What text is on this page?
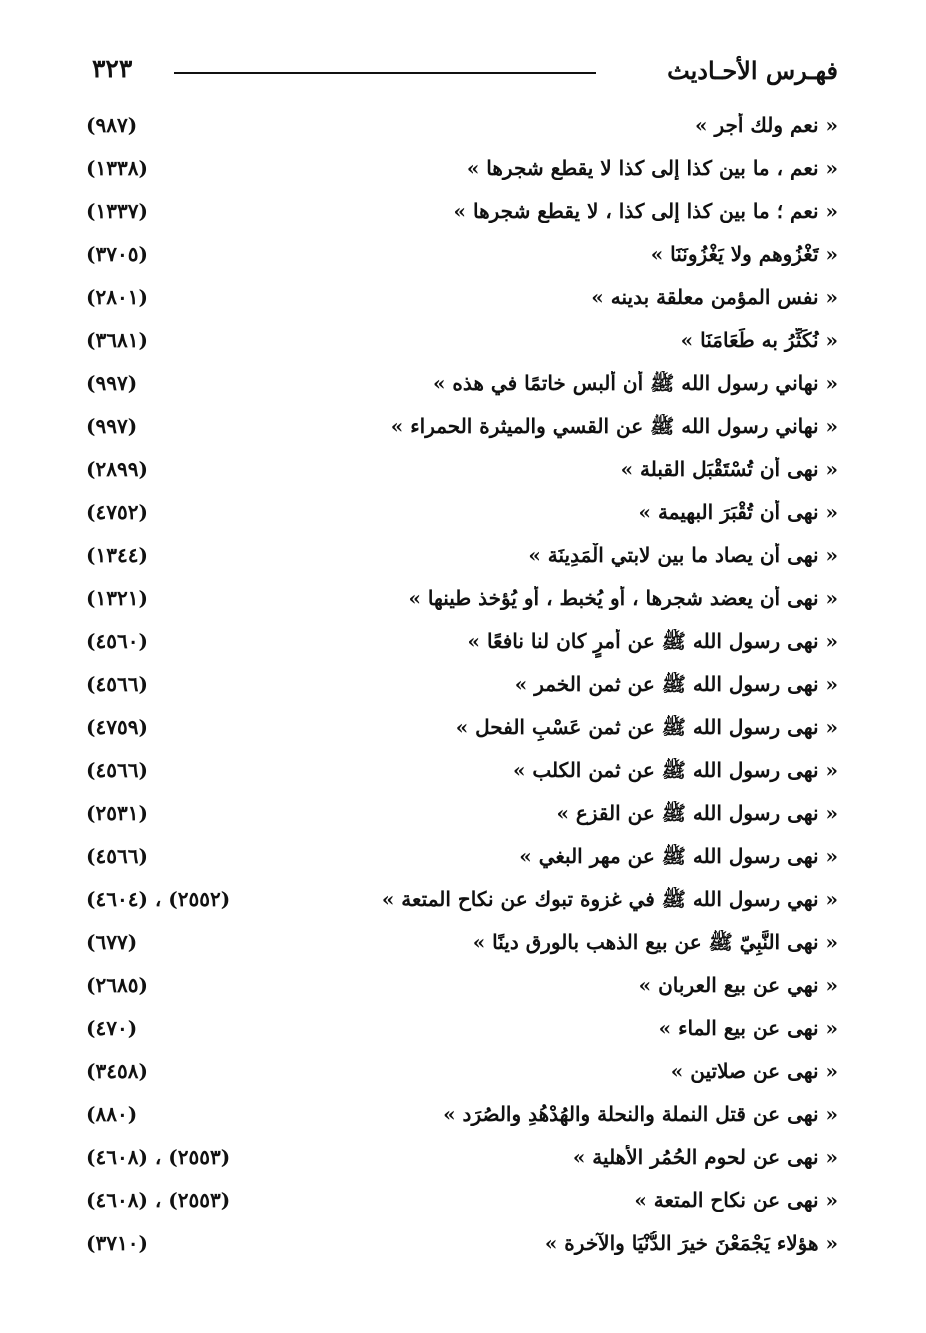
فهـرس الأحـاديث
٣٢٣
« نعم ولك أجر »
(٩٨٧)
« نعم ، ما بين كذا إلى كذا لا يقطع شجرها »
(١٣٣٨)
« نعم ؛ ما بين كذا إلى كذا ، لا يقطع شجرها »
(١٣٣٧)
« تَغْزُوهم ولا يَغْزُونَنَا »
(٣٧٠٥)
« نفس المؤمن معلقة بدينه »
(٢٨٠١)
« نُكَثِّرُ به طَعَامَنَا »
(٣٦٨١)
« نهاني رسول الله ﷺ أن ألبس خاتمًا في هذه »
(٩٩٧)
« نهاني رسول الله ﷺ عن القسي والميثرة الحمراء »
(٩٩٧)
« نهى أن تُسْتَقْبَل القبلة »
(٢٨٩٩)
« نهى أن تُقْبَرَ البهيمة »
(٤٧٥٢)
« نهى أن يصاد ما بين لابتي الْمَدِينَة »
(١٣٤٤)
« نهى أن يعضد شجرها ، أو يُخبط ، أو يُؤخذ طينها »
(١٣٢١)
« نهى رسول الله ﷺ عن أمرٍ كان لنا نافعًا »
(٤٥٦٠)
« نهى رسول الله ﷺ عن ثمن الخمر »
(٤٥٦٦)
« نهى رسول الله ﷺ عن ثمن عَسْبِ الفحل »
(٤٧٥٩)
« نهى رسول الله ﷺ عن ثمن الكلب »
(٤٥٦٦)
« نهى رسول الله ﷺ عن القزع »
(٢٥٣١)
« نهى رسول الله ﷺ عن مهر البغي »
(٤٥٦٦)
« نهي رسول الله ﷺ في غزوة تبوك عن نكاح المتعة »
(٢٥٥٢) ، (٤٦٠٤)
« نهى النَّبِيّ ﷺ عن بيع الذهب بالورق دينًا »
(٦٧٧)
« نهي عن بيع العربان »
(٢٦٨٥)
« نهى عن بيع الماء »
(٤٧٠)
« نهى عن صلاتين »
(٣٤٥٨)
« نهى عن قتل النملة والنحلة والهُدْهُدِ والصُرَد »
(٨٨٠)
« نهى عن لحوم الحُمُر الأهلية »
(٢٥٥٣) ، (٤٦٠٨)
« نهى عن نكاح المتعة »
(٢٥٥٣) ، (٤٦٠٨)
« هؤلاء يَجْمَعْنَ خيرَ الدُّنْيَا والآخرة »
(٣٧١٠)
